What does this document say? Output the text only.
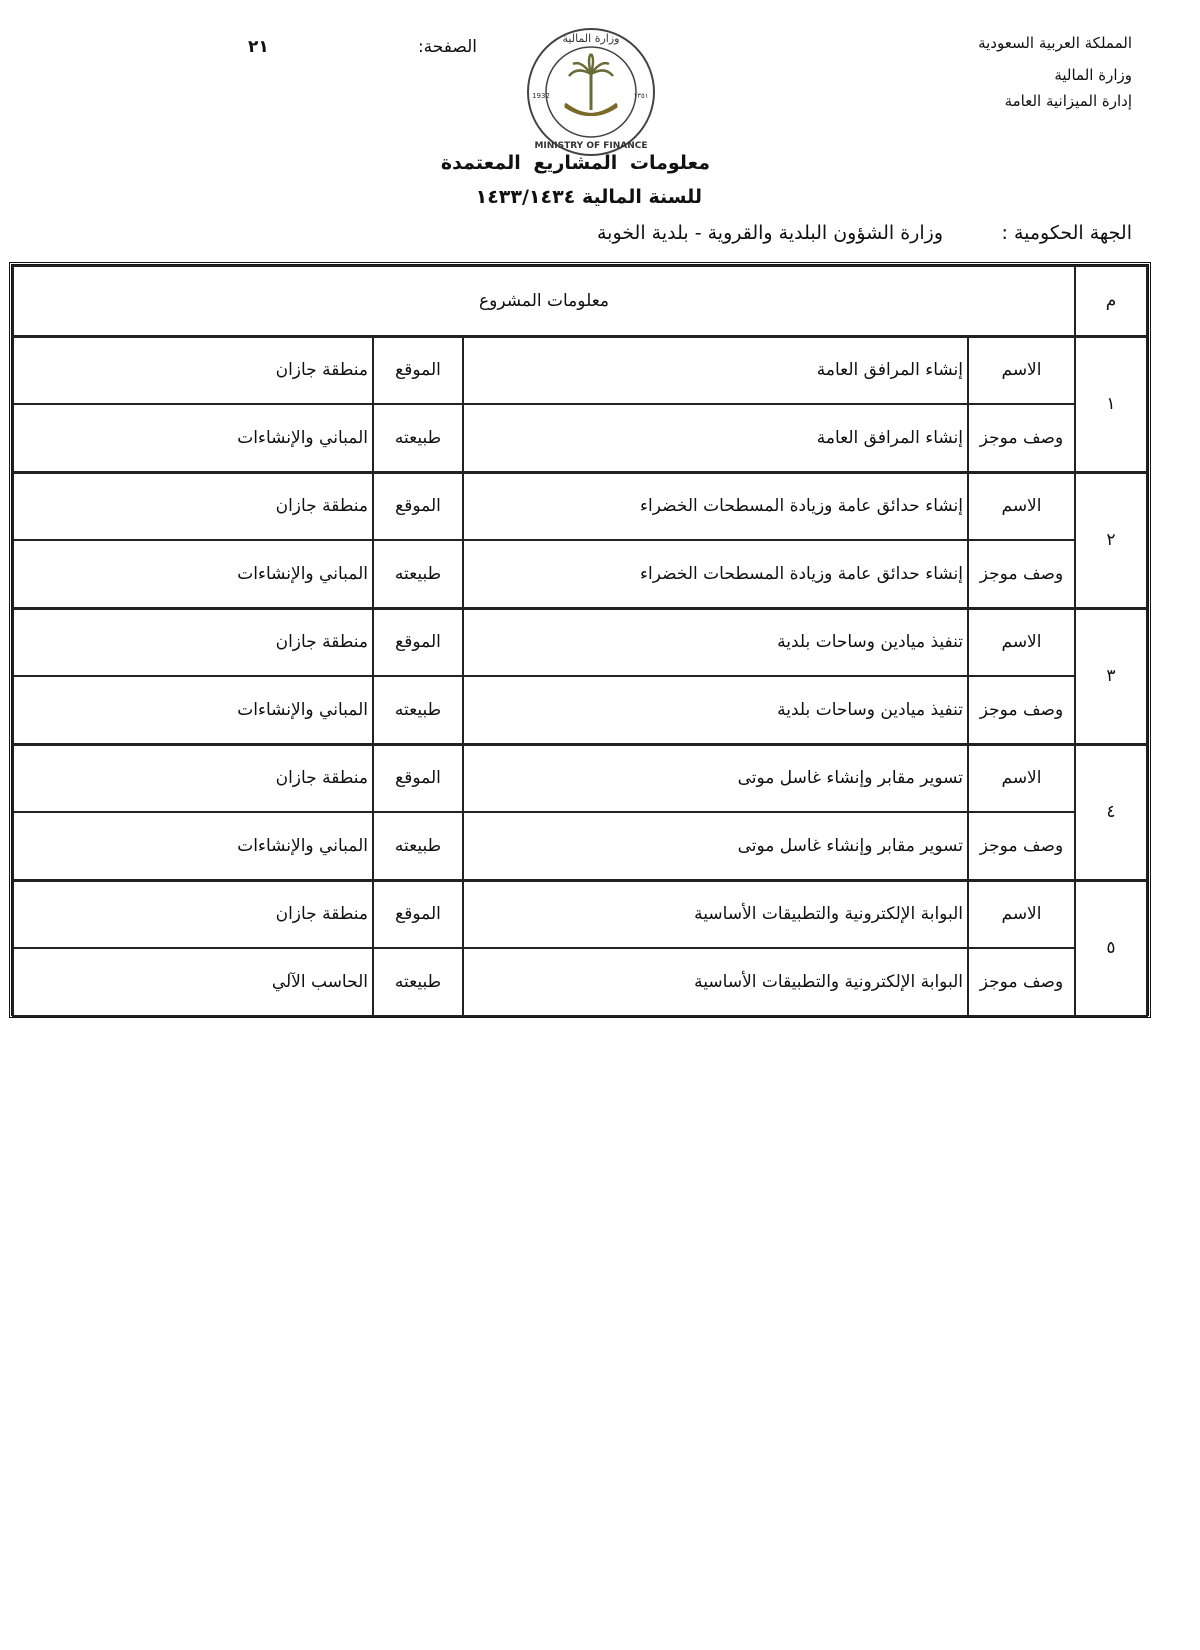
المملكة العربية السعودية
وزارة المالية
إدارة الميزانية العامة
الصفحة:
٢١	وزارة المالية
MINISTRY OF FINANCE
1932	١٣٥١
معلومات المشاريع المعتمدة
للسنة المالية ١٤٣٣/١٤٣٤
الجهة الحكومية :
وزارة الشؤون البلدية والقروية - بلدية الخوبة
م	معلومات المشروع			
١	الاسم	إنشاء المرافق العامة	الموقع	منطقة جازان
	وصف موجز	إنشاء المرافق العامة	طبيعته	المباني والإنشاءات
٢	الاسم	إنشاء حدائق عامة وزيادة المسطحات الخضراء	الموقع	منطقة جازان
	وصف موجز	إنشاء حدائق عامة وزيادة المسطحات الخضراء	طبيعته	المباني والإنشاءات
٣	الاسم	تنفيذ ميادين وساحات بلدية	الموقع	منطقة جازان
	وصف موجز	تنفيذ ميادين وساحات بلدية	طبيعته	المباني والإنشاءات
٤	الاسم	تسوير مقابر وإنشاء غاسل موتى	الموقع	منطقة جازان
	وصف موجز	تسوير مقابر وإنشاء غاسل موتى	طبيعته	المباني والإنشاءات
٥	الاسم	البوابة الإلكترونية والتطبيقات الأساسية	الموقع	منطقة جازان
	وصف موجز	البوابة الإلكترونية والتطبيقات الأساسية	طبيعته	الحاسب الآلي
